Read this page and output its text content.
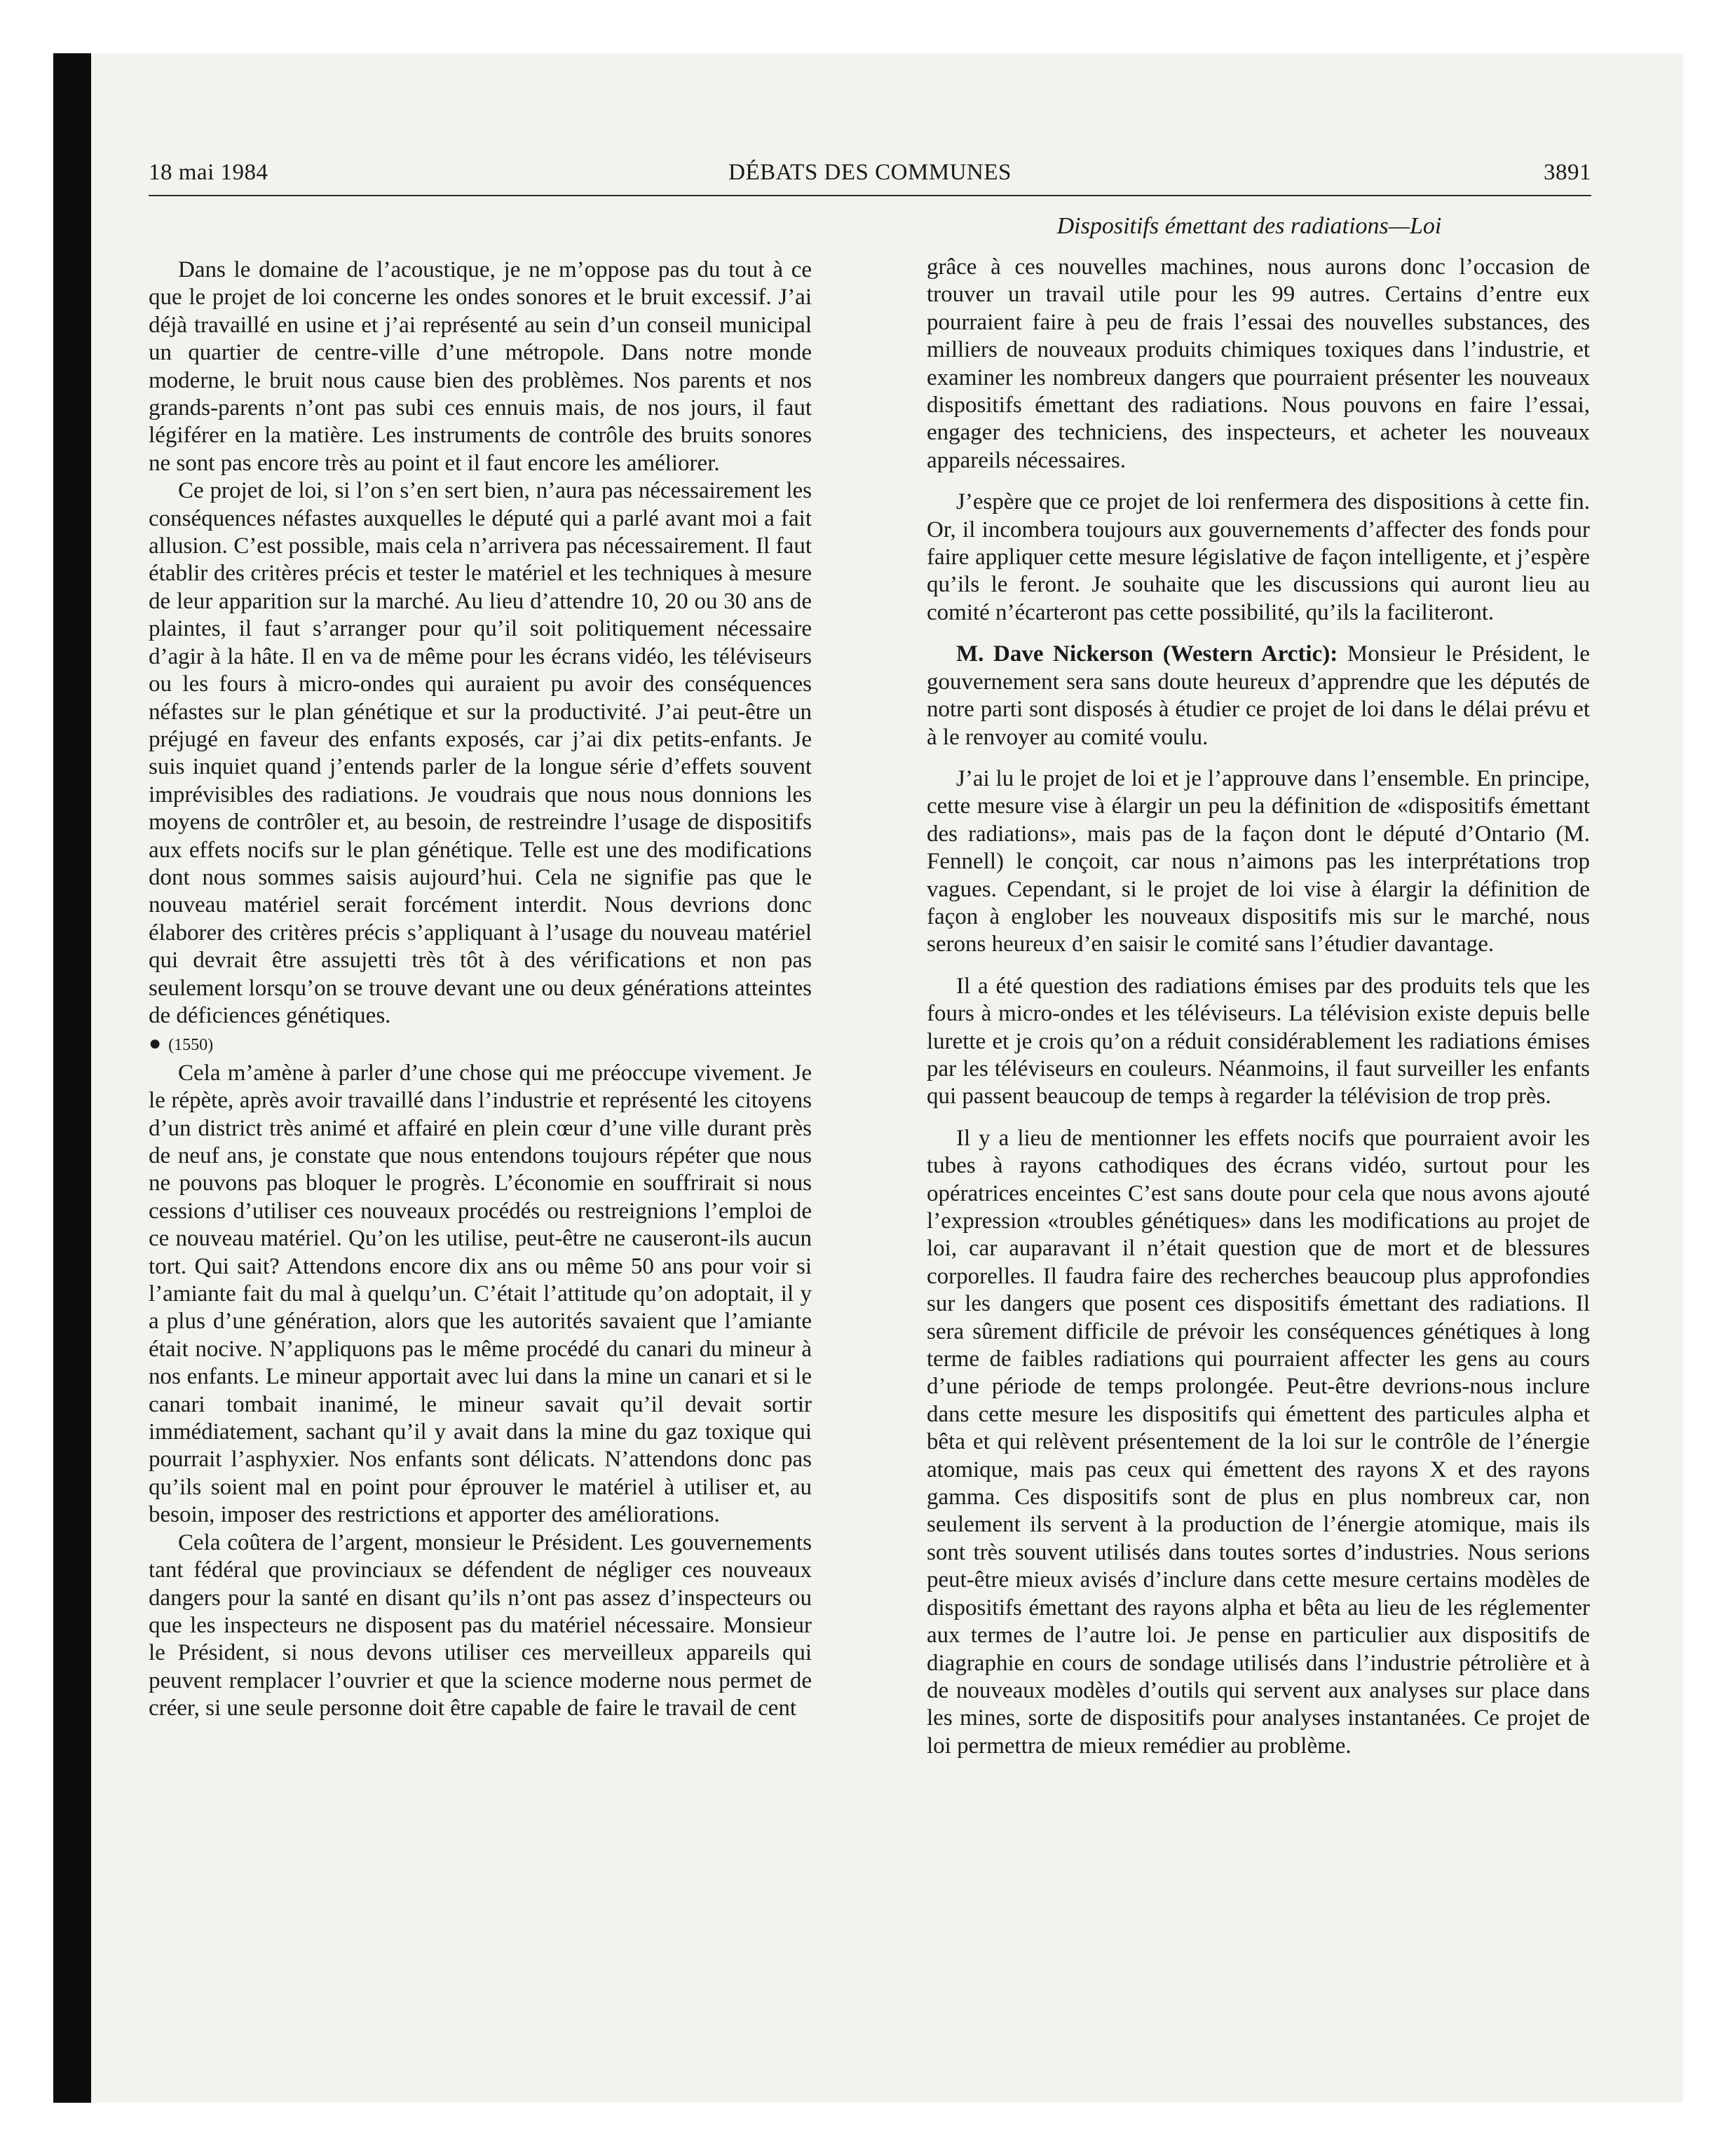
18 mai 1984	DÉBATS DES COMMUNES	3891
Dispositifs émettant des radiations—Loi

Dans le domaine de l’acoustique, je ne m’oppose pas du tout à ce que le projet de loi concerne les ondes sonores et le bruit excessif. J’ai déjà travaillé en usine et j’ai représenté au sein d’un conseil municipal un quartier de centre-ville d’une métropole. Dans notre monde moderne, le bruit nous cause bien des problèmes. Nos parents et nos grands-parents n’ont pas subi ces ennuis mais, de nos jours, il faut légiférer en la matière. Les instruments de contrôle des bruits sonores ne sont pas encore très au point et il faut encore les améliorer.

Ce projet de loi, si l’on s’en sert bien, n’aura pas nécessairement les conséquences néfastes auxquelles le député qui a parlé avant moi a fait allusion. C’est possible, mais cela n’arrivera pas nécessairement. Il faut établir des critères précis et tester le matériel et les techniques à mesure de leur apparition sur la marché. Au lieu d’attendre 10, 20 ou 30 ans de plaintes, il faut s’arranger pour qu’il soit politiquement nécessaire d’agir à la hâte. Il en va de même pour les écrans vidéo, les téléviseurs ou les fours à micro-ondes qui auraient pu avoir des conséquences néfastes sur le plan génétique et sur la productivité. J’ai peut-être un préjugé en faveur des enfants exposés, car j’ai dix petits-enfants. Je suis inquiet quand j’entends parler de la longue série d’effets souvent imprévisibles des radiations. Je voudrais que nous nous donnions les moyens de contrôler et, au besoin, de restreindre l’usage de dispositifs aux effets nocifs sur le plan génétique. Telle est une des modifications dont nous sommes saisis aujourd’hui. Cela ne signifie pas que le nouveau matériel serait forcément interdit. Nous devrions donc élaborer des critères précis s’appliquant à l’usage du nouveau matériel qui devrait être assujetti très tôt à des vérifications et non pas seulement lorsqu’on se trouve devant une ou deux générations atteintes de déficiences génétiques.

● (1550)

Cela m’amène à parler d’une chose qui me préoccupe vivement. Je le répète, après avoir travaillé dans l’industrie et représenté les citoyens d’un district très animé et affairé en plein cœur d’une ville durant près de neuf ans, je constate que nous entendons toujours répéter que nous ne pouvons pas bloquer le progrès. L’économie en souffrirait si nous cessions d’utiliser ces nouveaux procédés ou restreignions l’emploi de ce nouveau matériel. Qu’on les utilise, peut-être ne causeront-ils aucun tort. Qui sait? Attendons encore dix ans ou même 50 ans pour voir si l’amiante fait du mal à quelqu’un. C’était l’attitude qu’on adoptait, il y a plus d’une génération, alors que les autorités savaient que l’amiante était nocive. N’appliquons pas le même procédé du canari du mineur à nos enfants. Le mineur apportait avec lui dans la mine un canari et si le canari tombait inanimé, le mineur savait qu’il devait sortir immédiatement, sachant qu’il y avait dans la mine du gaz toxique qui pourrait l’asphyxier. Nos enfants sont délicats. N’attendons donc pas qu’ils soient mal en point pour éprouver le matériel à utiliser et, au besoin, imposer des restrictions et apporter des améliorations.

Cela coûtera de l’argent, monsieur le Président. Les gouvernements tant fédéral que provinciaux se défendent de négliger ces nouveaux dangers pour la santé en disant qu’ils n’ont pas assez d’inspecteurs ou que les inspecteurs ne disposent pas du matériel nécessaire. Monsieur le Président, si nous devons utiliser ces merveilleux appareils qui peuvent remplacer l’ouvrier et que la science moderne nous permet de créer, si une seule personne doit être capable de faire le travail de cent

grâce à ces nouvelles machines, nous aurons donc l’occasion de trouver un travail utile pour les 99 autres. Certains d’entre eux pourraient faire à peu de frais l’essai des nouvelles substances, des milliers de nouveaux produits chimiques toxiques dans l’industrie, et examiner les nombreux dangers que pourraient présenter les nouveaux dispositifs émettant des radiations. Nous pouvons en faire l’essai, engager des techniciens, des inspecteurs, et acheter les nouveaux appareils nécessaires.

J’espère que ce projet de loi renfermera des dispositions à cette fin. Or, il incombera toujours aux gouvernements d’affecter des fonds pour faire appliquer cette mesure législative de façon intelligente, et j’espère qu’ils le feront. Je souhaite que les discussions qui auront lieu au comité n’écarteront pas cette possibilité, qu’ils la faciliteront.

M. Dave Nickerson (Western Arctic): Monsieur le Président, le gouvernement sera sans doute heureux d’apprendre que les députés de notre parti sont disposés à étudier ce projet de loi dans le délai prévu et à le renvoyer au comité voulu.

J’ai lu le projet de loi et je l’approuve dans l’ensemble. En principe, cette mesure vise à élargir un peu la définition de «dispositifs émettant des radiations», mais pas de la façon dont le député d’Ontario (M. Fennell) le conçoit, car nous n’aimons pas les interprétations trop vagues. Cependant, si le projet de loi vise à élargir la définition de façon à englober les nouveaux dispositifs mis sur le marché, nous serons heureux d’en saisir le comité sans l’étudier davantage.

Il a été question des radiations émises par des produits tels que les fours à micro-ondes et les téléviseurs. La télévision existe depuis belle lurette et je crois qu’on a réduit considérablement les radiations émises par les téléviseurs en couleurs. Néanmoins, il faut surveiller les enfants qui passent beaucoup de temps à regarder la télévision de trop près.

Il y a lieu de mentionner les effets nocifs que pourraient avoir les tubes à rayons cathodiques des écrans vidéo, surtout pour les opératrices enceintes C’est sans doute pour cela que nous avons ajouté l’expression «troubles génétiques» dans les modifications au projet de loi, car auparavant il n’était question que de mort et de blessures corporelles. Il faudra faire des recherches beaucoup plus approfondies sur les dangers que posent ces dispositifs émettant des radiations. Il sera sûrement difficile de prévoir les conséquences génétiques à long terme de faibles radiations qui pourraient affecter les gens au cours d’une période de temps prolongée. Peut-être devrions-nous inclure dans cette mesure les dispositifs qui émettent des particules alpha et bêta et qui relèvent présentement de la loi sur le contrôle de l’énergie atomique, mais pas ceux qui émettent des rayons X et des rayons gamma. Ces dispositifs sont de plus en plus nombreux car, non seulement ils servent à la production de l’énergie atomique, mais ils sont très souvent utilisés dans toutes sortes d’industries. Nous serions peut-être mieux avisés d’inclure dans cette mesure certains modèles de dispositifs émettant des rayons alpha et bêta au lieu de les réglementer aux termes de l’autre loi. Je pense en particulier aux dispositifs de diagraphie en cours de sondage utilisés dans l’industrie pétrolière et à de nouveaux modèles d’outils qui servent aux analyses sur place dans les mines, sorte de dispositifs pour analyses instantanées. Ce projet de loi permettra de mieux remédier au problème.
